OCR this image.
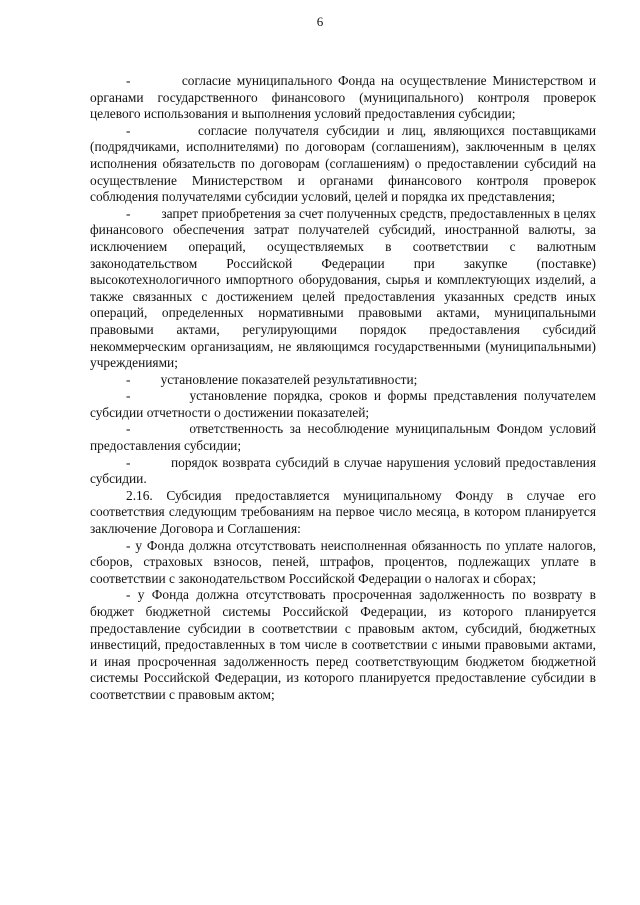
6

-         согласие муниципального Фонда на осуществление Министерством и органами государственного финансового (муниципального) контроля проверок целевого использования и выполнения условий предоставления субсидии;

-         согласие получателя субсидии и лиц, являющихся поставщиками (подрядчиками, исполнителями) по договорам (соглашениям), заключенным в целях исполнения обязательств по договорам (соглашениям) о предоставлении субсидий на осуществление Министерством и органами финансового контроля проверок соблюдения получателями субсидии условий, целей и порядка их представления;

-         запрет приобретения за счет полученных средств, предоставленных в целях финансового обеспечения затрат получателей субсидий, иностранной валюты, за исключением операций, осуществляемых в соответствии с валютным законодательством Российской Федерации при закупке (поставке) высокотехнологичного импортного оборудования, сырья и комплектующих изделий, а также связанных с достижением целей предоставления указанных средств иных операций, определенных нормативными правовыми актами, муниципальными правовыми актами, регулирующими порядок предоставления субсидий некоммерческим организациям, не являющимся государственными (муниципальными) учреждениями;

-         установление показателей результативности;

-         установление порядка, сроков и формы представления получателем субсидии отчетности о достижении показателей;

-         ответственность за несоблюдение муниципальным Фондом условий предоставления субсидии;

-         порядок возврата субсидий в случае нарушения условий предоставления субсидии.

2.16. Субсидия предоставляется муниципальному Фонду в случае его соответствия следующим требованиям на первое число месяца, в котором планируется заключение Договора и Соглашения:

- у Фонда должна отсутствовать неисполненная обязанность по уплате налогов, сборов, страховых взносов, пеней, штрафов, процентов, подлежащих уплате в соответствии с законодательством Российской Федерации о налогах и сборах;

- у Фонда должна отсутствовать просроченная задолженность по возврату в бюджет бюджетной системы Российской Федерации, из которого планируется предоставление субсидии в соответствии с правовым актом, субсидий, бюджетных инвестиций, предоставленных в том числе в соответствии с иными правовыми актами, и иная просроченная задолженность перед соответствующим бюджетом бюджетной системы Российской Федерации, из которого планируется предоставление субсидии в соответствии с правовым актом;
